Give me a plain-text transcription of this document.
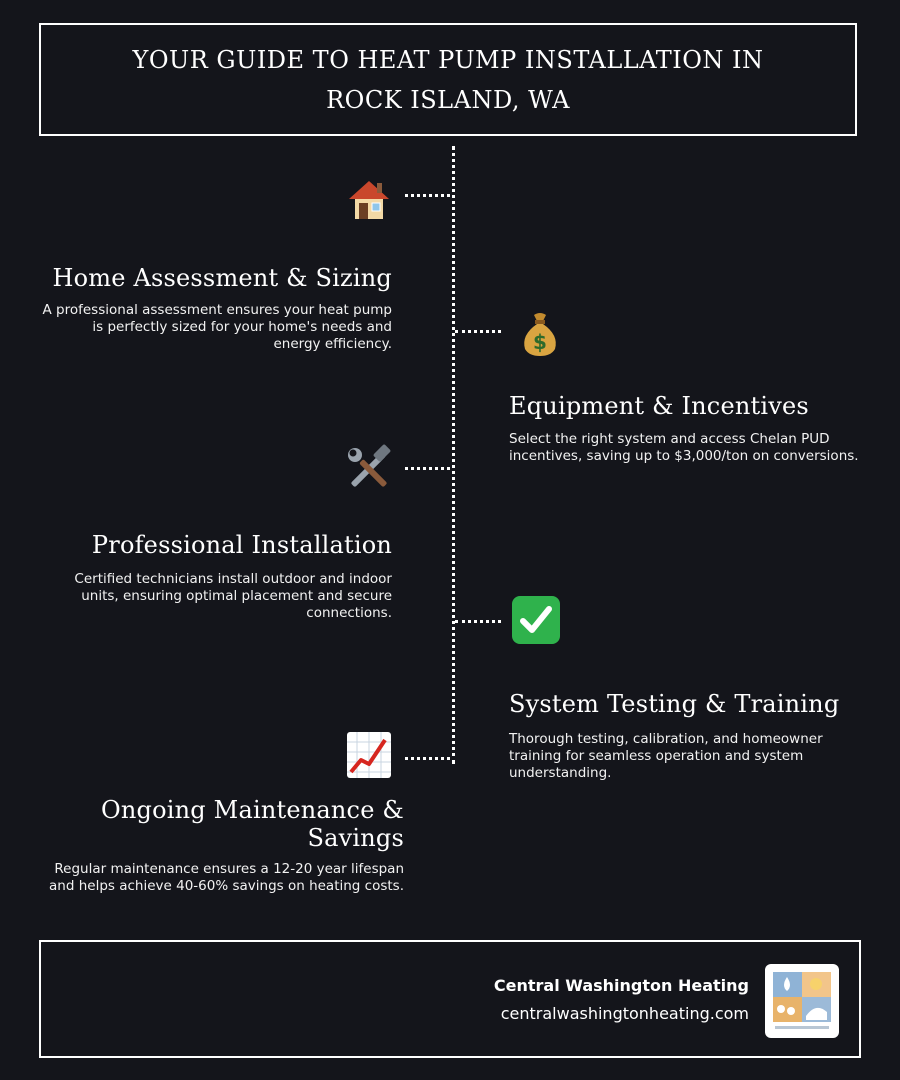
YOUR GUIDE TO HEAT PUMP INSTALLATION IN ROCK ISLAND, WA
Home Assessment & Sizing

A professional assessment ensures your heat pump is perfectly sized for your home's needs and energy efficiency.	$
Equipment & Incentives

Select the right system and access Chelan PUD incentives, saving up to $3,000/ton on conversions.

Professional Installation

Certified technicians install outdoor and indoor units, ensuring optimal placement and secure connections.

System Testing & Training

Thorough testing, calibration, and homeowner training for seamless operation and system understanding.

Ongoing Maintenance & Savings

Regular maintenance ensures a 12-20 year lifespan and helps achieve 40-60% savings on heating costs.

Central Washington Heating

centralwashingtonheating.com
